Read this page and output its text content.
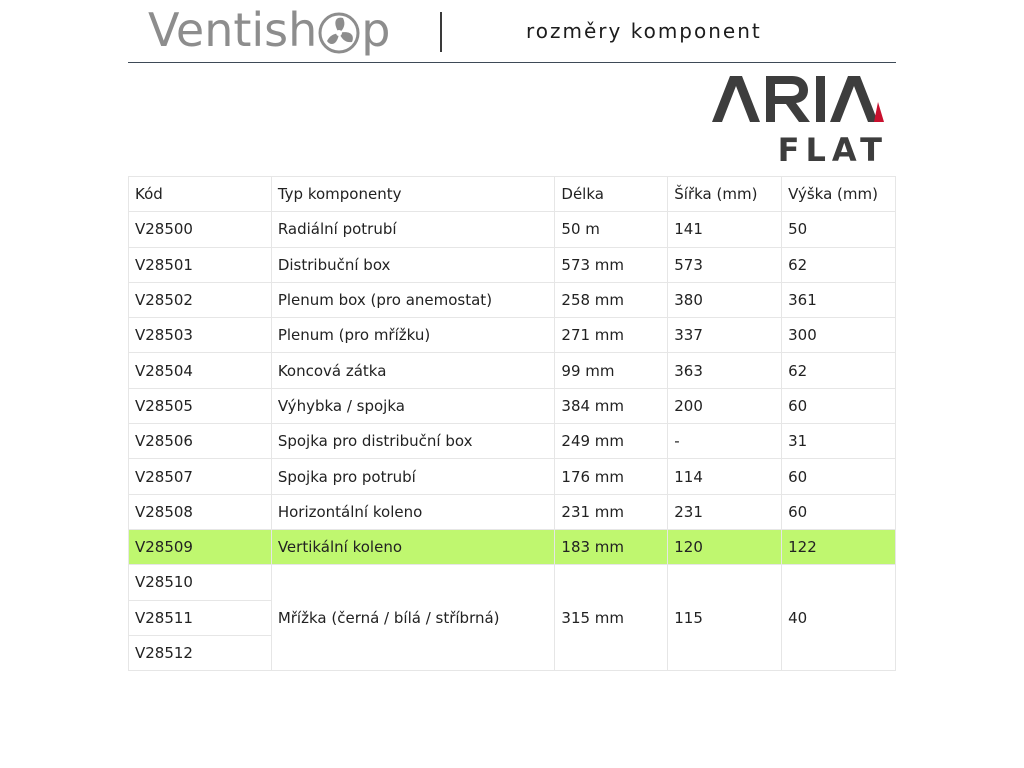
Ventish p	rozměry komponent
FLAT
Kód	Typ komponenty	Délka	Šířka (mm)	Výška (mm)
V28500	Radiální potrubí	50 m	141	50
V28501	Distribuční box	573 mm	573	62
V28502	Plenum box (pro anemostat)	258 mm	380	361
V28503	Plenum (pro mřížku)	271 mm	337	300
V28504	Koncová zátka	99 mm	363	62
V28505	Výhybka / spojka	384 mm	200	60
V28506	Spojka pro distribuční box	249 mm	-	31
V28507	Spojka pro potrubí	176 mm	114	60
V28508	Horizontální koleno	231 mm	231	60
V28509	Vertikální koleno	183 mm	120	122
V28510	Mřížka (černá / bílá / stříbrná)	315 mm	115	40
V28511				
V28512				
